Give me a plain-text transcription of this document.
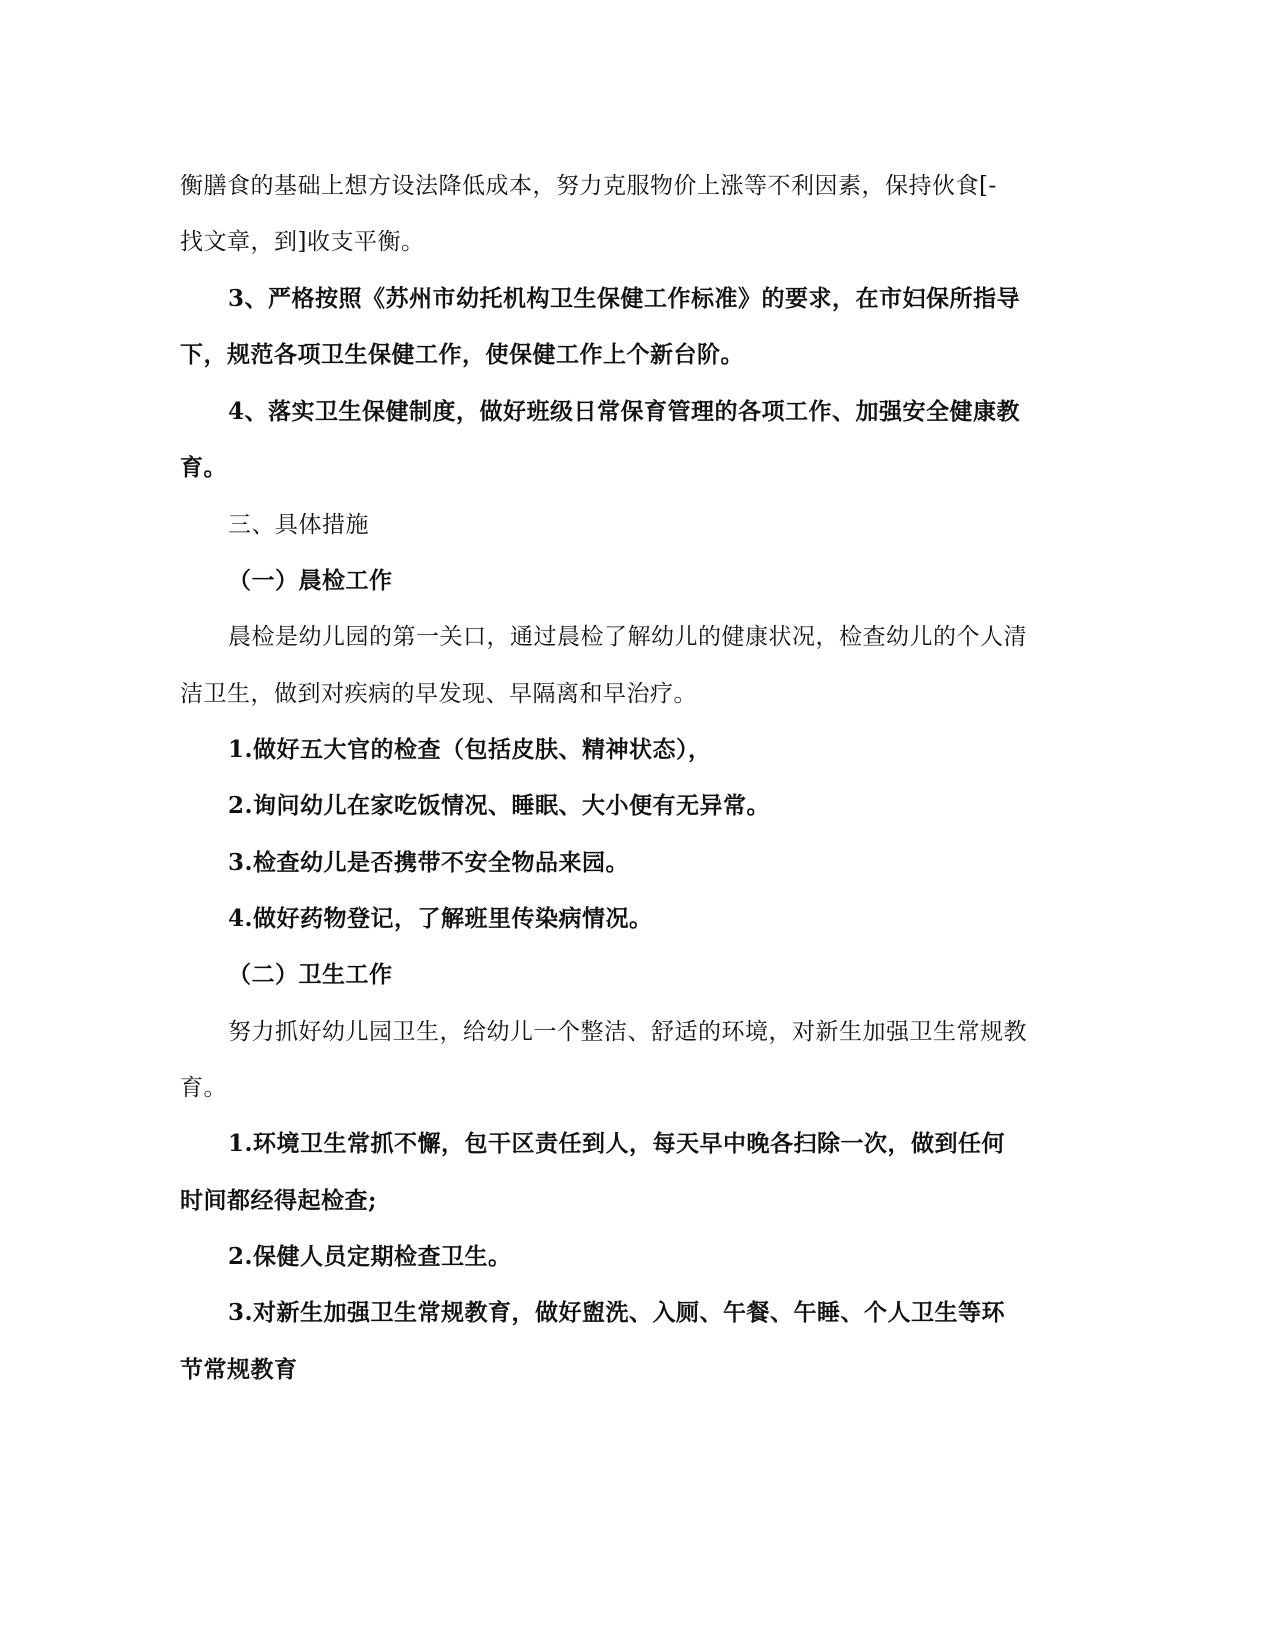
衡膳食的基础上想方设法降低成本，努力克服物价上涨等不利因素，保持伙食[-
找文章，到]收支平衡。
3、严格按照《苏州市幼托机构卫生保健工作标准》的要求，在市妇保所指导
下，规范各项卫生保健工作，使保健工作上个新台阶。
4、落实卫生保健制度，做好班级日常保育管理的各项工作、加强安全健康教
育。
三、具体措施
（一）晨检工作
晨检是幼儿园的第一关口，通过晨检了解幼儿的健康状况，检查幼儿的个人清
洁卫生，做到对疾病的早发现、早隔离和早治疗。
1.做好五大官的检查（包括皮肤、精神状态），
2.询问幼儿在家吃饭情况、睡眠、大小便有无异常。
3.检查幼儿是否携带不安全物品来园。
4.做好药物登记，了解班里传染病情况。
（二）卫生工作
努力抓好幼儿园卫生，给幼儿一个整洁、舒适的环境，对新生加强卫生常规教
育。
1.环境卫生常抓不懈，包干区责任到人，每天早中晚各扫除一次，做到任何
时间都经得起检查;
2.保健人员定期检查卫生。
3.对新生加强卫生常规教育，做好盥洗、入厕、午餐、午睡、个人卫生等环
节常规教育
